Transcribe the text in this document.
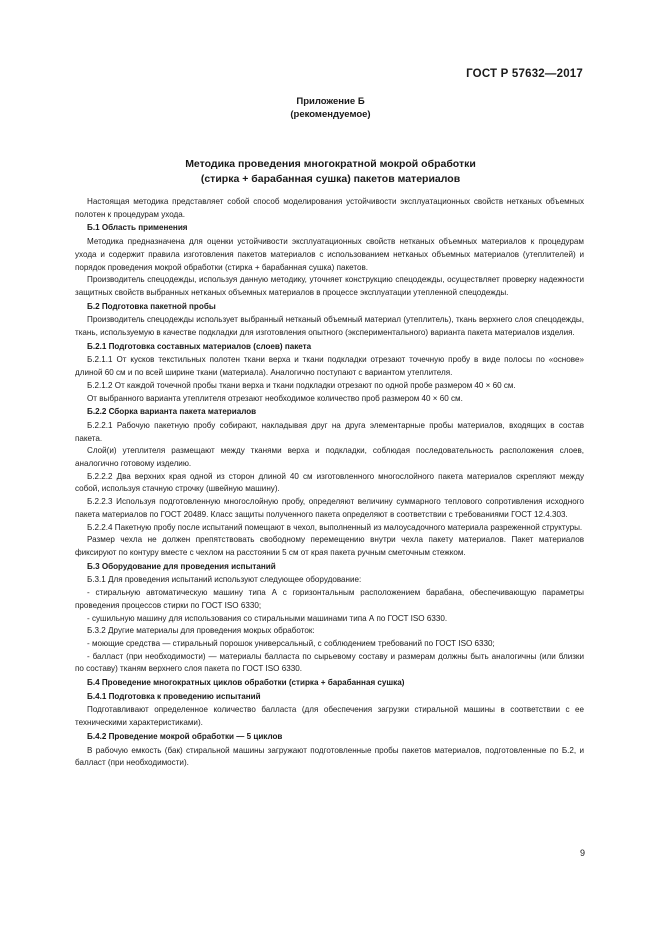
ГОСТ Р 57632—2017
Приложение Б
(рекомендуемое)
Методика проведения многократной мокрой обработки
(стирка + барабанная сушка) пакетов материалов

Настоящая методика представляет собой способ моделирования устойчивости эксплуатационных свойств нетканых объемных полотен к процедурам ухода.

Б.1 Область применения

Методика предназначена для оценки устойчивости эксплуатационных свойств нетканых объемных материалов к процедурам ухода и содержит правила изготовления пакетов материалов с использованием нетканых объемных материалов (утеплителей) и порядок проведения мокрой обработки (стирка + барабанная сушка) пакетов.

Производитель спецодежды, используя данную методику, уточняет конструкцию спецодежды, осуществляет проверку надежности защитных свойств выбранных нетканых объемных материалов в процессе эксплуатации утепленной спецодежды.

Б.2 Подготовка пакетной пробы

Производитель спецодежды использует выбранный нетканый объемный материал (утеплитель), ткань верхнего слоя спецодежды, ткань, используемую в качестве подкладки для изготовления опытного (экспериментального) варианта пакета материалов изделия.

Б.2.1 Подготовка составных материалов (слоев) пакета

Б.2.1.1 От кусков текстильных полотен ткани верха и ткани подкладки отрезают точечную пробу в виде полосы по «основе» длиной 60 см и по всей ширине ткани (материала). Аналогично поступают с вариантом утеплителя.

Б.2.1.2 От каждой точечной пробы ткани верха и ткани подкладки отрезают по одной пробе размером 40 × 60 см.

От выбранного варианта утеплителя отрезают необходимое количество проб размером 40 × 60 см.

Б.2.2 Сборка варианта пакета материалов

Б.2.2.1 Рабочую пакетную пробу собирают, накладывая друг на друга элементарные пробы материалов, входящих в состав пакета.

Слой(и) утеплителя размещают между тканями верха и подкладки, соблюдая последовательность расположения слоев, аналогично готовому изделию.

Б.2.2.2 Два верхних края одной из сторон длиной 40 см изготовленного многослойного пакета материалов скрепляют между собой, используя стачную строчку (швейную машину).

Б.2.2.3 Используя подготовленную многослойную пробу, определяют величину суммарного теплового сопротивления исходного пакета материалов по ГОСТ 20489. Класс защиты полученного пакета определяют в соответствии с требованиями ГОСТ 12.4.303.

Б.2.2.4 Пакетную пробу после испытаний помещают в чехол, выполненный из малоусадочного материала разреженной структуры.

Размер чехла не должен препятствовать свободному перемещению внутри чехла пакету материалов. Пакет материалов фиксируют по контуру вместе с чехлом на расстоянии 5 см от края пакета ручным сметочным стежком.

Б.3 Оборудование для проведения испытаний

Б.3.1 Для проведения испытаний используют следующее оборудование:

- стиральную автоматическую машину типа А с горизонтальным расположением барабана, обеспечивающую параметры проведения процессов стирки по ГОСТ ISO 6330;

- сушильную машину для использования со стиральными машинами типа А по ГОСТ ISO 6330.

Б.3.2 Другие материалы для проведения мокрых обработок:

- моющие средства — стиральный порошок универсальный, с соблюдением требований по ГОСТ ISO 6330;

- балласт (при необходимости) — материалы балласта по сырьевому составу и размерам должны быть аналогичны (или близки по составу) тканям верхнего слоя пакета по ГОСТ ISO 6330.

Б.4 Проведение многократных циклов обработки (стирка + барабанная сушка)

Б.4.1 Подготовка к проведению испытаний

Подготавливают определенное количество балласта (для обеспечения загрузки стиральной машины в соответствии с ее техническими характеристиками).

Б.4.2 Проведение мокрой обработки — 5 циклов

В рабочую емкость (бак) стиральной машины загружают подготовленные пробы пакетов материалов, подготовленные по Б.2, и балласт (при необходимости).

9
